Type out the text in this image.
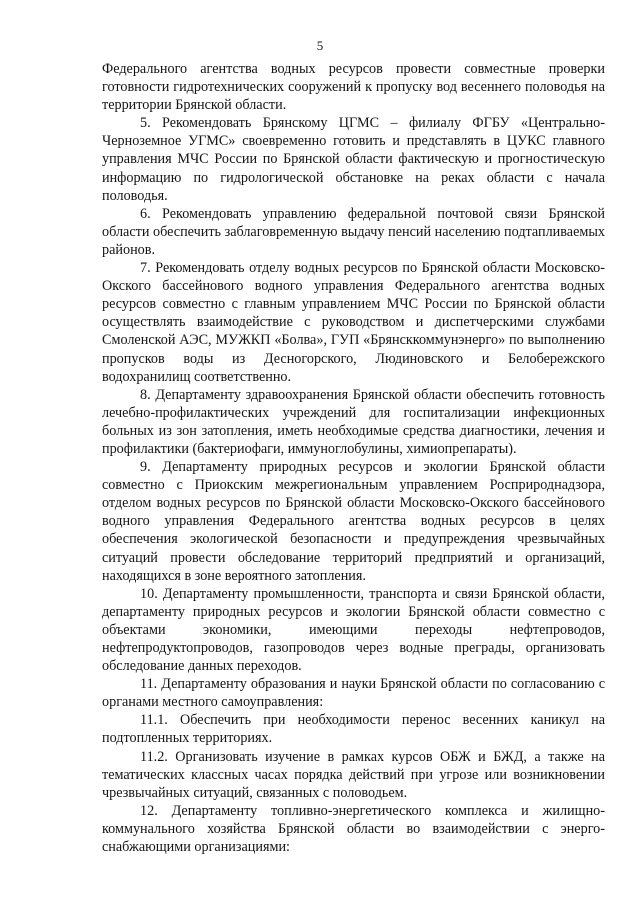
5

Федерального агентства водных ресурсов провести совместные проверки готовности гидротехнических сооружений к пропуску вод весеннего половодья на территории Брянской области.

5. Рекомендовать Брянскому ЦГМС – филиалу ФГБУ «Центрально-Черноземное УГМС» своевременно готовить и представлять в ЦУКС главного управления МЧС России по Брянской области фактическую и прогностическую информацию по гидрологической обстановке на реках области с начала половодья.

6. Рекомендовать управлению федеральной почтовой связи Брянской области обеспечить заблаговременную выдачу пенсий населению подтапливаемых районов.

7. Рекомендовать отделу водных ресурсов по Брянской области Московско-Окского бассейнового водного управления Федерального агентства водных ресурсов совместно с главным управлением МЧС России по Брянской области осуществлять взаимодействие с руководством и диспетчерскими службами Смоленской АЭС, МУЖКП «Болва», ГУП «Брянсккоммунэнерго» по выполнению пропусков воды из Десногорского, Людиновского и Белобережского водохранилищ соответственно.

8. Департаменту здравоохранения Брянской области обеспечить готовность лечебно-профилактических учреждений для госпитализации инфекционных больных из зон затопления, иметь необходимые средства диагностики, лечения и профилактики (бактериофаги, иммуноглобулины, химиопрепараты).

9. Департаменту природных ресурсов и экологии Брянской области совместно с Приокским межрегиональным управлением Росприроднадзора, отделом водных ресурсов по Брянской области Московско-Окского бассейнового водного управления Федерального агентства водных ресурсов в целях обеспечения экологической безопасности и предупреждения чрезвычайных ситуаций провести обследование территорий предприятий и организаций, находящихся в зоне вероятного затопления.

10. Департаменту промышленности, транспорта и связи Брянской области, департаменту природных ресурсов и экологии Брянской области совместно с объектами экономики, имеющими переходы нефтепроводов, нефтепродуктопроводов, газопроводов через водные преграды, организовать обследование данных переходов.

11. Департаменту образования и науки Брянской области по согласованию с органами местного самоуправления:

11.1. Обеспечить при необходимости перенос весенних каникул на подтопленных территориях.

11.2. Организовать изучение в рамках курсов ОБЖ и БЖД, а также на тематических классных часах порядка действий при угрозе или возникновении чрезвычайных ситуаций, связанных с половодьем.

12. Департаменту топливно-энергетического комплекса и жилищно-коммунального хозяйства Брянской области во взаимодействии с энергоснабжающими организациями:
